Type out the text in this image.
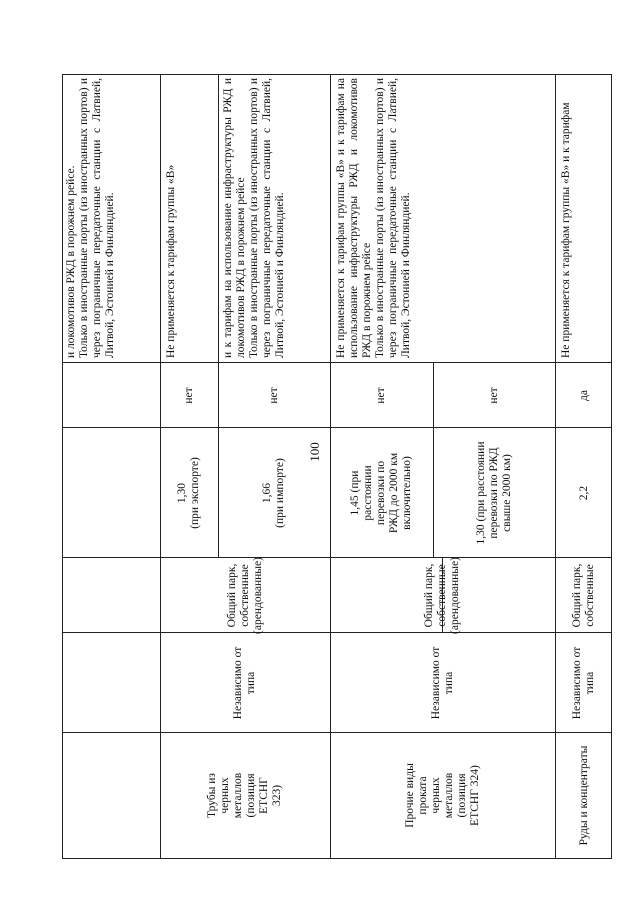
100
и локомотивов РЖД в порожнем рейсе.
Только в иностранные порты (из иностранных портов) и через пограничные передаточные станции с Латвией, Литвой, Эстонией и Финляндией.
Трубы из черных металлов (позиция ЕТСНГ 323)
Независимо от типа
Общий парк, собственные (арендованные)
1,30
(при экспорте)
нет
Не применяется к тарифам группы «В»
1,66
(при импорте)
нет
и к тарифам на использование инфраструктуры РЖД и локомотивов РЖД в порожнем рейсе
Только в иностранные порты (из иностранных портов) и через пограничные передаточные станции с Латвией, Литвой, Эстонией и Финляндией.
Прочие виды проката черных металлов (позиция ЕТСНГ 324)
Независимо от типа
Общий парк, собственные (арендованные)
1,45 (при расстоянии перевозки по РЖД до 2000 км включительно)
нет
Не применяется к тарифам группы «В» и к тарифам на использование инфраструктуры РЖД и локомотивов РЖД в порожнем рейсе
Только в иностранные порты (из иностранных портов) и через пограничные передаточные станции с Латвией, Литвой, Эстонией и Финляндией.
1,30 (при расстоянии перевозки по РЖД свыше 2000 км)
нет
Руды и концентраты
Независимо от типа
Общий парк, собственные
2,2
да
Не применяется к тарифам группы «В» и к тарифам
